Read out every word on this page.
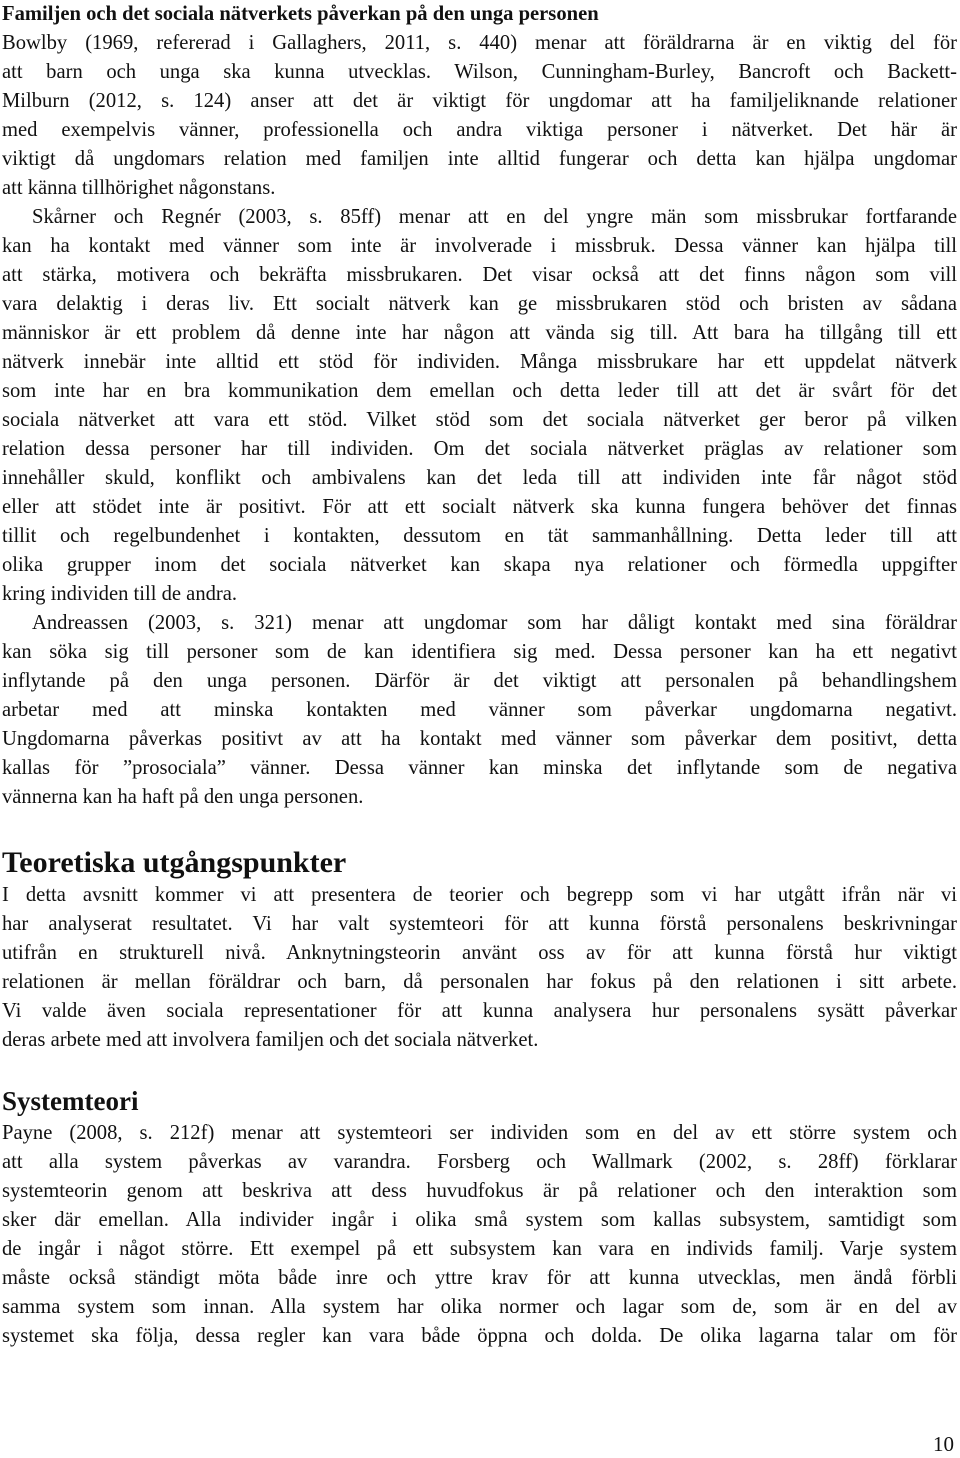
Familjen och det sociala nätverkets påverkan på den unga personen
Bowlby (1969, refererad i Gallaghers, 2011, s. 440) menar att föräldrarna är en viktig del för
att barn och unga ska kunna utvecklas. Wilson, Cunningham-Burley, Bancroft och Backett-
Milburn (2012, s. 124) anser att det är viktigt för ungdomar att ha familjeliknande relationer
med exempelvis vänner, professionella och andra viktiga personer i nätverket. Det här är
viktigt då ungdomars relation med familjen inte alltid fungerar och detta kan hjälpa ungdomar
att känna tillhörighet någonstans.
Skårner och Regnér (2003, s. 85ff) menar att en del yngre män som missbrukar fortfarande
kan ha kontakt med vänner som inte är involverade i missbruk. Dessa vänner kan hjälpa till
att stärka, motivera och bekräfta missbrukaren. Det visar också att det finns någon som vill
vara delaktig i deras liv. Ett socialt nätverk kan ge missbrukaren stöd och bristen av sådana
människor är ett problem då denne inte har någon att vända sig till. Att bara ha tillgång till ett
nätverk innebär inte alltid ett stöd för individen. Många missbrukare har ett uppdelat nätverk
som inte har en bra kommunikation dem emellan och detta leder till att det är svårt för det
sociala nätverket att vara ett stöd. Vilket stöd som det sociala nätverket ger beror på vilken
relation dessa personer har till individen. Om det sociala nätverket präglas av relationer som
innehåller skuld, konflikt och ambivalens kan det leda till att individen inte får något stöd
eller att stödet inte är positivt. För att ett socialt nätverk ska kunna fungera behöver det finnas
tillit och regelbundenhet i kontakten, dessutom en tät sammanhållning. Detta leder till att
olika grupper inom det sociala nätverket kan skapa nya relationer och förmedla uppgifter
kring individen till de andra.
Andreassen (2003, s. 321) menar att ungdomar som har dåligt kontakt med sina föräldrar
kan söka sig till personer som de kan identifiera sig med. Dessa personer kan ha ett negativt
inflytande på den unga personen. Därför är det viktigt att personalen på behandlingshem
arbetar med att minska kontakten med vänner som påverkar ungdomarna negativt.
Ungdomarna påverkas positivt av att ha kontakt med vänner som påverkar dem positivt, detta
kallas för ”prosociala” vänner. Dessa vänner kan minska det inflytande som de negativa
vännerna kan ha haft på den unga personen.
Teoretiska utgångspunkter
I detta avsnitt kommer vi att presentera de teorier och begrepp som vi har utgått ifrån när vi
har analyserat resultatet. Vi har valt systemteori för att kunna förstå personalens beskrivningar
utifrån en strukturell nivå. Anknytningsteorin använt oss av för att kunna förstå hur viktigt
relationen är mellan föräldrar och barn, då personalen har fokus på den relationen i sitt arbete.
Vi valde även sociala representationer för att kunna analysera hur personalens sysätt påverkar
deras arbete med att involvera familjen och det sociala nätverket.
Systemteori
Payne (2008, s. 212f) menar att systemteori ser individen som en del av ett större system och
att alla system påverkas av varandra. Forsberg och Wallmark (2002, s. 28ff) förklarar
systemteorin genom att beskriva att dess huvudfokus är på relationer och den interaktion som
sker där emellan. Alla individer ingår i olika små system som kallas subsystem, samtidigt som
de ingår i något större. Ett exempel på ett subsystem kan vara en individs familj. Varje system
måste också ständigt möta både inre och yttre krav för att kunna utvecklas, men ändå förbli
samma system som innan. Alla system har olika normer och lagar som de, som är en del av
systemet ska följa, dessa regler kan vara både öppna och dolda. De olika lagarna talar om för
10
